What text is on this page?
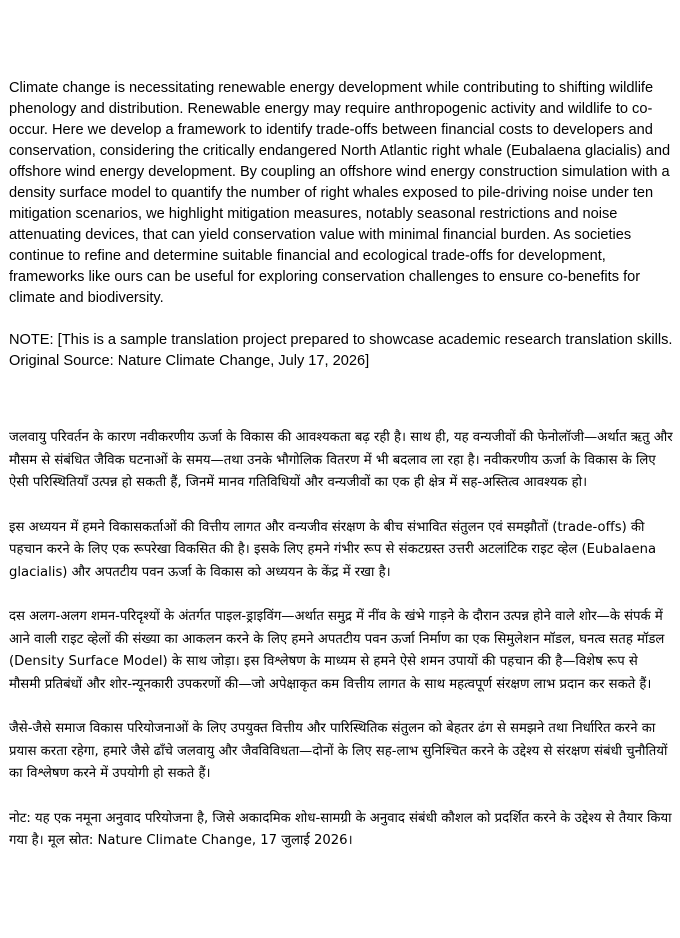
Climate change is necessitating renewable energy development while contributing to shifting wildlife phenology and distribution. Renewable energy may require anthropogenic activity and wildlife to co-occur. Here we develop a framework to identify trade-offs between financial costs to developers and conservation, considering the critically endangered North Atlantic right whale (Eubalaena glacialis) and offshore wind energy development. By coupling an offshore wind energy construction simulation with a density surface model to quantify the number of right whales exposed to pile-driving noise under ten mitigation scenarios, we highlight mitigation measures, notably seasonal restrictions and noise attenuating devices, that can yield conservation value with minimal financial burden. As societies continue to refine and determine suitable financial and ecological trade-offs for development, frameworks like ours can be useful for exploring conservation challenges to ensure co-benefits for climate and biodiversity.

NOTE: [This is a sample translation project prepared to showcase academic research translation skills. Original Source: Nature Climate Change, July 17, 2026]

जलवायु परिवर्तन के कारण नवीकरणीय ऊर्जा के विकास की आवश्यकता बढ़ रही है। साथ ही, यह वन्यजीवों की फेनोलॉजी—अर्थात ऋतु और मौसम से संबंधित जैविक घटनाओं के समय—तथा उनके भौगोलिक वितरण में भी बदलाव ला रहा है। नवीकरणीय ऊर्जा के विकास के लिए ऐसी परिस्थितियाँ उत्पन्न हो सकती हैं, जिनमें मानव गतिविधियों और वन्यजीवों का एक ही क्षेत्र में सह-अस्तित्व आवश्यक हो।

इस अध्ययन में हमने विकासकर्ताओं की वित्तीय लागत और वन्यजीव संरक्षण के बीच संभावित संतुलन एवं समझौतों (trade-offs) की पहचान करने के लिए एक रूपरेखा विकसित की है। इसके लिए हमने गंभीर रूप से संकटग्रस्त उत्तरी अटलांटिक राइट व्हेल (Eubalaena glacialis) और अपतटीय पवन ऊर्जा के विकास को अध्ययन के केंद्र में रखा है।

दस अलग-अलग शमन-परिदृश्यों के अंतर्गत पाइल-ड्राइविंग—अर्थात समुद्र में नींव के खंभे गाड़ने के दौरान उत्पन्न होने वाले शोर—के संपर्क में आने वाली राइट व्हेलों की संख्या का आकलन करने के लिए हमने अपतटीय पवन ऊर्जा निर्माण का एक सिमुलेशन मॉडल, घनत्व सतह मॉडल (Density Surface Model) के साथ जोड़ा। इस विश्लेषण के माध्यम से हमने ऐसे शमन उपायों की पहचान की है—विशेष रूप से मौसमी प्रतिबंधों और शोर-न्यूनकारी उपकरणों की—जो अपेक्षाकृत कम वित्तीय लागत के साथ महत्वपूर्ण संरक्षण लाभ प्रदान कर सकते हैं।

जैसे-जैसे समाज विकास परियोजनाओं के लिए उपयुक्त वित्तीय और पारिस्थितिक संतुलन को बेहतर ढंग से समझने तथा निर्धारित करने का प्रयास करता रहेगा, हमारे जैसे ढाँचे जलवायु और जैवविविधता—दोनों के लिए सह-लाभ सुनिश्चित करने के उद्देश्य से संरक्षण संबंधी चुनौतियों का विश्लेषण करने में उपयोगी हो सकते हैं।

नोट: यह एक नमूना अनुवाद परियोजना है, जिसे अकादमिक शोध-सामग्री के अनुवाद संबंधी कौशल को प्रदर्शित करने के उद्देश्य से तैयार किया गया है। मूल स्रोत: Nature Climate Change, 17 जुलाई 2026।
